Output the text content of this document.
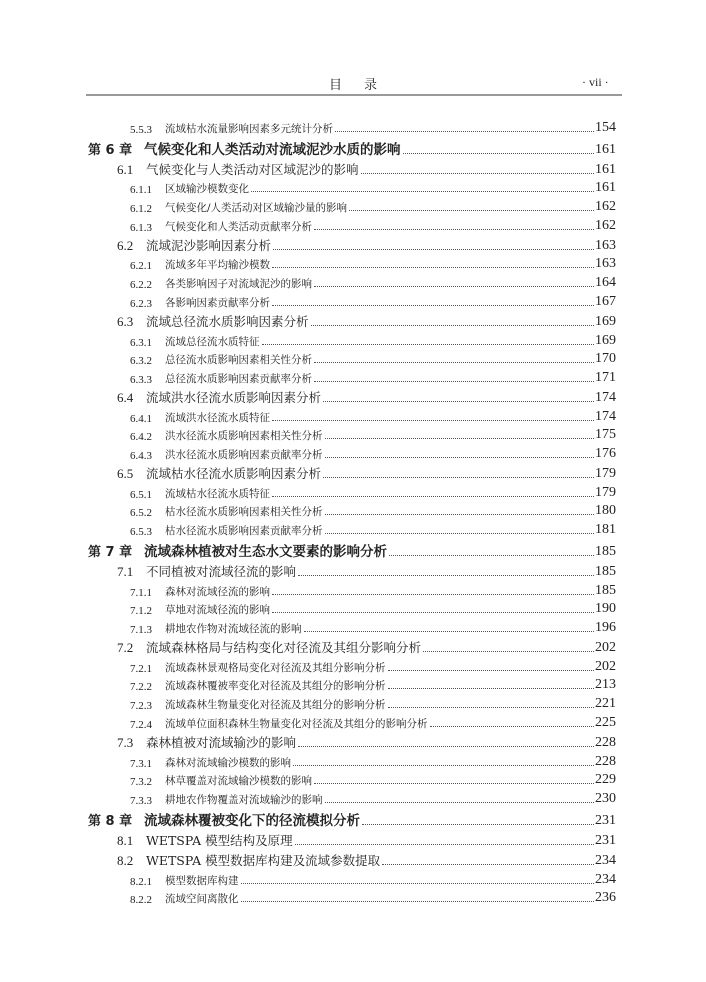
目录	· vii ·
5.5.3	流域枯水流量影响因素多元统计分析	154
第 6 章 气候变化和人类活动对流域泥沙水质的影响	161
6.1	气候变化与人类活动对区域泥沙的影响	161
6.1.1	区域输沙模数变化	161
6.1.2	气候变化/人类活动对区域输沙量的影响	162
6.1.3	气候变化和人类活动贡献率分析	162
6.2	流域泥沙影响因素分析	163
6.2.1	流域多年平均输沙模数	163
6.2.2	各类影响因子对流域泥沙的影响	164
6.2.3	各影响因素贡献率分析	167
6.3	流域总径流水质影响因素分析	169
6.3.1	流域总径流水质特征	169
6.3.2	总径流水质影响因素相关性分析	170
6.3.3	总径流水质影响因素贡献率分析	171
6.4	流域洪水径流水质影响因素分析	174
6.4.1	流域洪水径流水质特征	174
6.4.2	洪水径流水质影响因素相关性分析	175
6.4.3	洪水径流水质影响因素贡献率分析	176
6.5	流域枯水径流水质影响因素分析	179
6.5.1	流域枯水径流水质特征	179
6.5.2	枯水径流水质影响因素相关性分析	180
6.5.3	枯水径流水质影响因素贡献率分析	181
第 7 章 流域森林植被对生态水文要素的影响分析	185
7.1	不同植被对流域径流的影响	185
7.1.1	森林对流域径流的影响	185
7.1.2	草地对流域径流的影响	190
7.1.3	耕地农作物对流域径流的影响	196
7.2	流域森林格局与结构变化对径流及其组分影响分析	202
7.2.1	流域森林景观格局变化对径流及其组分影响分析	202
7.2.2	流域森林覆被率变化对径流及其组分的影响分析	213
7.2.3	流域森林生物量变化对径流及其组分的影响分析	221
7.2.4	流域单位面积森林生物量变化对径流及其组分的影响分析	225
7.3	森林植被对流域输沙的影响	228
7.3.1	森林对流域输沙模数的影响	228
7.3.2	林草覆盖对流域输沙模数的影响	229
7.3.3	耕地农作物覆盖对流域输沙的影响	230
第 8 章 流域森林覆被变化下的径流模拟分析	231
8.1	WETSPA 模型结构及原理	231
8.2	WETSPA 模型数据库构建及流域参数提取	234
8.2.1	模型数据库构建	234
8.2.2	流域空间离散化	236
